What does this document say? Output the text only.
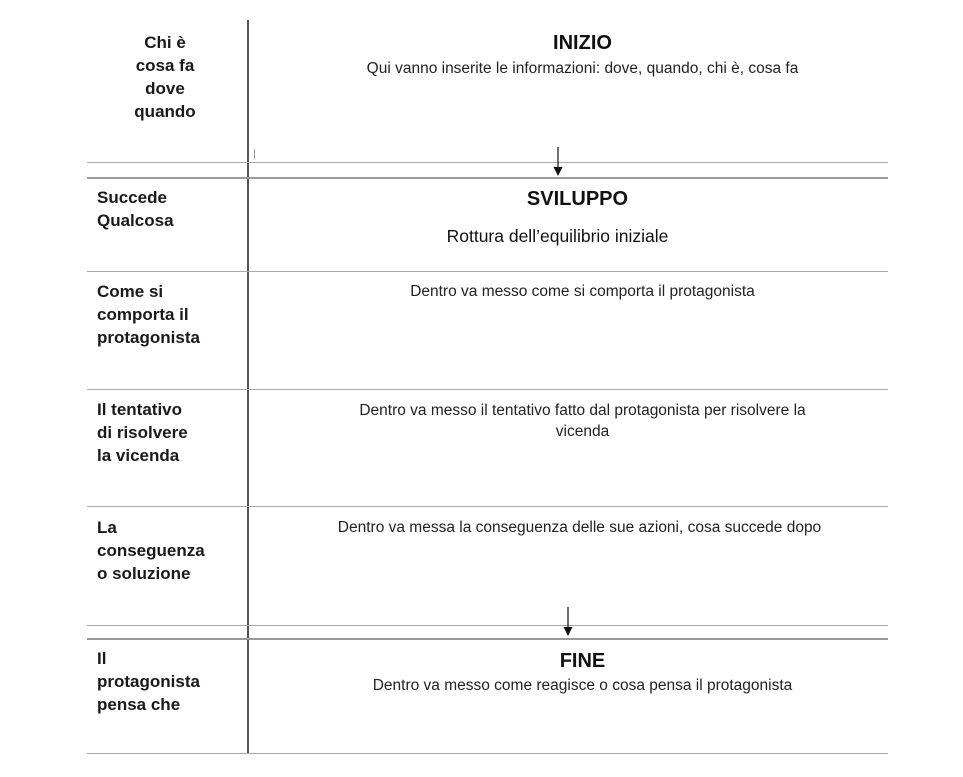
Chi è
cosa fa
dove
quando
INIZIO
Qui vanno inserite le informazioni: dove, quando, chi è, cosa fa
Succede
Qualcosa
SVILUPPO
Rottura dell’equilibrio iniziale
Come si
comporta il
protagonista
Dentro va messo come si comporta il protagonista
Il tentativo
di risolvere
la vicenda
Dentro va messo il tentativo fatto dal protagonista per risolvere la
vicenda
La
conseguenza
o soluzione
Dentro va messa la conseguenza delle sue azioni, cosa succede dopo
Il
protagonista
pensa che
FINE
Dentro va messo come reagisce o cosa pensa il protagonista
